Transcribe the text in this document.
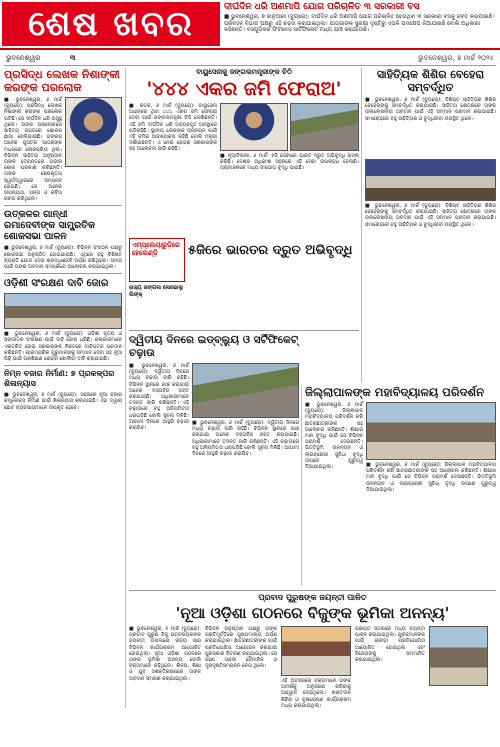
ଶେଷ ଖବର	ଦୀର୍ଘଦିନ ଧରି ଅଣମାପି ଯୋଗ ପରିଚାଳିତ ୩ ସରକାରୀ ବସ
■ ଭୁବନେଶ୍ୱର, ୭ ଜାନୁଆରୀ (ବ୍ୟୁରୋ): ଦୀର୍ଘଦିନ ଧରି ଅଣମାପି ଯୋଗ ପରିଚାଳିତ ହେଉଥିବା ୩ ସରକାରୀ ବସକୁ ଜବତ କରାଯାଇଛି। ପରିବହନ ବିଭାଗ ପକ୍ଷରୁ ଏହି ଚଢ଼ଉ କରାଯାଇଥିଲା। ଯାତ୍ରୀଙ୍କ ସୁରକ୍ଷା ଦୃଷ୍ଟିରୁ ଏଭଳି ପଦକ୍ଷେପ ନିଆଯାଇଛି ବୋଲି ଅଧିକାରୀ କହିଛନ୍ତି। ବସଗୁଡ଼ିକର ଫିଟନେସ ସାର୍ଟିଫିକେଟ ମଧ୍ୟ ଯାଞ୍ଚ କରାଯାଉଛି।
ଭୁବନେଶ୍ୱର	୩	ଭୁବନେଶ୍ୱର, ୭ ମାର୍ଚ୍ଚ ୨୦୨୪
ପ୍ରସିଦ୍ଧ ଲେଖକ ନିଶାଙ୍କୀ କରଙ୍କ ପରଲୋକ
■ ଭୁବନେଶ୍ୱର, ୬ ମାର୍ଚ୍ଚ (ବ୍ୟୁରୋ): ପ୍ରସିଦ୍ଧ ଲେଖକ ନିଶାଙ୍କୀ କରଙ୍କ ପରଲୋକ ଘଟିଛି। ସେ ଦୀର୍ଘଦିନ ଧରି ଅସୁସ୍ଥ ଥିଲେ। ତାଙ୍କ ପରଲୋକରେ ସାହିତ୍ୟ ଜଗତରେ ଶୋକର ଛାୟା ଖେଳିଯାଇଛି। ତାଙ୍କର ଅନେକ ପୁସ୍ତକ ପାଠକଙ୍କ ମଧ୍ୟରେ ଲୋକପ୍ରିୟ ଥିଲା। ବିଭିନ୍ନ ସାହିତ୍ୟ ଅନୁଷ୍ଠାନ ତାଙ୍କ ଦେହାନ୍ତରେ ଗଭୀର ଶୋକ ପ୍ରକାଶ କରିଛନ୍ତି। ତାଙ୍କ ଶେଷକୃତ୍ୟ ସ୍ୱର୍ଗଦ୍ୱାରରେ ସମ୍ପନ୍ନ ହୋଇଛି। ସେ ଅନେକ ଉପନ୍ୟାସ, ଗଳ୍ପ ଓ କବିତା ରଚନା କରିଥିଲେ।
ଉତ୍କଳର ଗାନ୍ଧୀ ରମାଦେବୀଙ୍କ ସାମ୍ପ୍ରତିକ ଶୋକସଭା ପାଳନ
■ ଭୁବନେଶ୍ୱର, ୬ ମାର୍ଚ୍ଚ (ବ୍ୟୁରୋ): ବିଭିନ୍ନ ସଂଗଠନ ପକ୍ଷରୁ ଶୋକସଭା ଅନୁଷ୍ଠିତ ହୋଇଯାଇଛି। ଏଥିରେ ବହୁ ବିଶିଷ୍ଟ ବ୍ୟକ୍ତି ଯୋଗ ଦେଇ ଶ୍ରଦ୍ଧାଞ୍ଜଳି ଅର୍ପଣ କରିଥିଲେ। ସମାଜ ପାଇଁ ତାଙ୍କ ଅବଦାନ ସମ୍ପର୍କରେ ଆଲୋଚନା କରାଯାଇଥିଲା।
ଓଡ଼ିଶୀ ସଂରକ୍ଷଣ ଦାବି ଜୋର
■ ଭୁବନେଶ୍ୱର, ୬ ମାର୍ଚ୍ଚ (ବ୍ୟୁରୋ): ଓଡ଼ିଶୀ ନୃତ୍ୟ ଓ ସଙ୍ଗୀତର ସଂରକ୍ଷଣ ପାଇଁ ଦାବି ଜୋର ଧରିଛି। କଳାକାରମାନେ ଏକତ୍ରିତ ହୋଇ ସରକାରଙ୍କ ନିକଟରେ ଦାବିପତ୍ର ପ୍ରଦାନ କରିଛନ୍ତି। ପାରମ୍ପରିକ ଗୁରୁମାନଙ୍କୁ ସମ୍ମାନ ଦେବା ସହ ନୂଆ ପିଢ଼ି ପାଇଁ ପ୍ରଶିକ୍ଷଣ କେନ୍ଦ୍ର ଖୋଲିବା ଦାବି କରାଯାଇଛି।
ନିମ୍ନ ବଜାର ନିର୍ମାଣ: ୭ ପ୍ରକଳ୍ପର ଶିଳାନ୍ୟାସ
■ ଭୁବନେଶ୍ୱର, ୬ ମାର୍ଚ୍ଚ (ବ୍ୟୁରୋ): ସହରରେ ନୂଆ ବଜାର କମ୍ପ୍ଲେକ୍ସ ନିର୍ମାଣ ପାଇଁ ଶିଳାନ୍ୟାସ କରାଯାଇଛି। ଏହା ଦ୍ୱାରା ଛୋଟ ବ୍ୟବସାୟୀମାନେ ଉପକୃତ ହେବେ।
ବାୟୁସେନାକୁ ଜଙ୍ଗଲମନ୍ତ୍ରୀଙ୍କ ଚିଠି
'୪୪୪ ଏକର ଜମି ଫେରାଅ'
■ କଟକ, ୬ ମାର୍ଚ୍ଚ (ବ୍ୟୁରୋ): ବାୟୁସେନା ଅଧୀନରେ ଥିବା ୪୪୪ ଏକର ଜମି ଫେରାଇ ଦେବା ପାଇଁ ଜଙ୍ଗଲମନ୍ତ୍ରୀ ଚିଠି ଲେଖିଛନ୍ତି। ଏହି ଜମି ଦୀର୍ଘଦିନ ଧରି ଅବ୍ୟବହୃତ ଅବସ୍ଥାରେ ପଡ଼ିରହିଛି। ସ୍ଥାନୀୟ ଲୋକଙ୍କ ଉନ୍ନୟନ ପାଇଁ ଏହି ଜମିର ଆବଶ୍ୟକତା ରହିଛି ବୋଲି ମନ୍ତ୍ରୀ ଦର୍ଶାଇଛନ୍ତି। ଏ ନେଇ କେନ୍ଦ୍ର ସରକାରଙ୍କ ସହ ଆଲୋଚନା ଜାରି ରହିଛି।
■ ନୂଆଦିଲ୍ଲୀ, ୬ ମାର୍ଚ୍ଚ: ୫ଜି ସେବାରେ ଭାରତ ଦ୍ରୁତ ଅଭିବୃଦ୍ଧି ହାସଲ କରିଛି। ଦେଶର ଅଧିକାଂଶ ସହରରେ ଏହି ସେବା ଉପଲବ୍ଧ ହେଲାଣି। ଗ୍ରାମାଞ୍ଚଳରେ ମଧ୍ୟ ସଂଯୋଗ ବୃଦ୍ଧି ପାଇଛି।
ଏମ୍‌ପ୍ଲେୟାରୁଡ଼ିରେ ହେଲେଣ୍ଡ଼ି	୫ଜିରେ ଭାରତର ଦ୍ରୁତ ଅଭିବୃଦ୍ଧି
ରାଜ୍ୟ ଜଙ୍ଗଲ ନୋଭୋଲୁ ଲିଙ୍କ୍
ସାହିତ୍ୟିକ ଶିଶିର ବେହେରା ସମ୍ବର୍ଦ୍ଧିତ
■ ଭୁବନେଶ୍ୱର, ୬ ମାର୍ଚ୍ଚ (ବ୍ୟୁରୋ): ବିଶିଷ୍ଟ ସାହିତ୍ୟିକ ଶିଶିର ବେହେରାଙ୍କୁ ସମ୍ବର୍ଦ୍ଧିତ କରାଯାଇଛି। ସାହିତ୍ୟ କ୍ଷେତ୍ରରେ ତାଙ୍କ ଉଲ୍ଲେଖନୀୟ ଅବଦାନ ପାଇଁ ଏହି ସମ୍ମାନ ପ୍ରଦାନ କରାଯାଇଛି। ସମାରୋହରେ ବହୁ ସାହିତ୍ୟିକ ଓ ବୁଦ୍ଧିଜୀବୀ ଉପସ୍ଥିତ ଥିଲେ।
■ ଭୁବନେଶ୍ୱର, ୬ ମାର୍ଚ୍ଚ (ବ୍ୟୁରୋ): ବିଶିଷ୍ଟ ସାହିତ୍ୟିକ ଶିଶିର ବେହେରାଙ୍କୁ ସମ୍ବର୍ଦ୍ଧିତ କରାଯାଇଛି। ସାହିତ୍ୟ କ୍ଷେତ୍ରରେ ତାଙ୍କ ଉଲ୍ଲେଖନୀୟ ଅବଦାନ ପାଇଁ ଏହି ସମ୍ମାନ ପ୍ରଦାନ କରାଯାଇଛି। ସମାରୋହରେ ବହୁ ସାହିତ୍ୟିକ ଓ ବୁଦ୍ଧିଜୀବୀ ଉପସ୍ଥିତ ଥିଲେ।
ଦ୍ୱିତୀୟ ଦିନରେ ଇଡ୍‌ବ୍ଲ୍ୟୁ ଓ ସର୍ଟିଫିକେଟ୍ ଚଢ଼ାଉ
■ ଭୁବନେଶ୍ୱର, ୬ ମାର୍ଚ୍ଚ (ବ୍ୟୁରୋ): ଦ୍ୱିତୀୟ ଦିନରେ ମଧ୍ୟ ଚଢ଼ାଉ ଜାରି ରହିଛି। ବିଭିନ୍ନ ସ୍ଥାନରେ ଯାଞ୍ଚ କରାଯାଇ ଅନେକ ଦସ୍ତାବିଜ ଜବତ କରାଯାଇଛି। ଅଧିକାରୀମାନେ ତଦନ୍ତ ଜାରି ରଖିଛନ୍ତି। ଏହି ଚଢ଼ାଉରେ ବହୁ ଅନିୟମିତତା ଧରାପଡ଼ିଛି ବୋଲି ସୂଚନା ମିଳିଛି। ଆଗାମୀ ଦିନରେ ଆହୁରି ଚଢ଼ାଉ କରାଯିବ।
■ ଭୁବନେଶ୍ୱର, ୬ ମାର୍ଚ୍ଚ (ବ୍ୟୁରୋ): ଦ୍ୱିତୀୟ ଦିନରେ ମଧ୍ୟ ଚଢ଼ାଉ ଜାରି ରହିଛି। ବିଭିନ୍ନ ସ୍ଥାନରେ ଯାଞ୍ଚ କରାଯାଇ ଅନେକ ଦସ୍ତାବିଜ ଜବତ କରାଯାଇଛି। ଅଧିକାରୀମାନେ ତଦନ୍ତ ଜାରି ରଖିଛନ୍ତି। ଏହି ଚଢ଼ାଉରେ ବହୁ ଅନିୟମିତତା ଧରାପଡ଼ିଛି ବୋଲି ସୂଚନା ମିଳିଛି। ଆଗାମୀ ଦିନରେ ଆହୁରି ଚଢ଼ାଉ କରାଯିବ।
ଜିଲ୍ଲାପାଳଙ୍କ ମହାବିଦ୍ୟାଳୟ ପରିଦର୍ଶନ
■ ଭୁବନେଶ୍ୱର, ୬ ମାର୍ଚ୍ଚ (ବ୍ୟୁରୋ): ଜିଲ୍ଲାପାଳ ମହାବିଦ୍ୟାଳୟ ପରିଦର୍ଶନ କରି ଛାତ୍ରଛାତ୍ରୀଙ୍କ ସହ ଆଲୋଚନା କରିଛନ୍ତି। ଶିକ୍ଷାର ମାନ ବୃଦ୍ଧି ପାଇଁ ସେ ବିଭିନ୍ନ ପରାମର୍ଶ ଦେଇଛନ୍ତି। ଭିତ୍ତିଭୂମି ଉନ୍ନୟନ ଓ ଲାଇବ୍ରେରୀ ସୁବିଧା ବୃଦ୍ଧି ଉପରେ ଗୁରୁତ୍ୱ ଦିଆଯାଇଥିଲା।	■ ଭୁବନେଶ୍ୱର, ୬ ମାର୍ଚ୍ଚ (ବ୍ୟୁରୋ): ଜିଲ୍ଲାପାଳ ମହାବିଦ୍ୟାଳୟ ପରିଦର୍ଶନ କରି ଛାତ୍ରଛାତ୍ରୀଙ୍କ ସହ ଆଲୋଚନା କରିଛନ୍ତି। ଶିକ୍ଷାର ମାନ ବୃଦ୍ଧି ପାଇଁ ସେ ବିଭିନ୍ନ ପରାମର୍ଶ ଦେଇଛନ୍ତି। ଭିତ୍ତିଭୂମି ଉନ୍ନୟନ ଓ ଲାଇବ୍ରେରୀ ସୁବିଧା ବୃଦ୍ଧି ଉପରେ ଗୁରୁତ୍ୱ ଦିଆଯାଇଥିଲା।
ପ୍ରବାଦ ପୁରୁଷଙ୍କ ଜୟନ୍ତୀ ପାଳିତ
'ନୂଆ ଓଡ଼ିଶା ଗଠନରେ ବିଜୁଙ୍କ ଭୂମିକା ଅନନ୍ୟ'
■ ଭୁବନେଶ୍ୱର, ୫ ମାର୍ଚ୍ଚ (ବ୍ୟୁରୋ): ପ୍ରବାଦ ପୁରୁଷ ବିଜୁ ପଟ୍ଟନାୟକଙ୍କ ଜୟନ୍ତୀ ଉପଲକ୍ଷେ ରାଜ୍ୟ ସାରା ବିଭିନ୍ନ କାର୍ଯ୍ୟକ୍ରମ ଆୟୋଜିତ ହୋଇଥିଲା। ନୂଆ ଓଡ଼ିଶା ଗଠନରେ ତାଙ୍କ ଭୂମିକା ଅନନ୍ୟ ବୋଲି ବକ୍ତାମାନେ କହିଥିଲେ। ଶିଳ୍ପ, ଶିକ୍ଷା ଓ ଯୁବ ସଶକ୍ତିକରଣରେ ତାଙ୍କ ଅବଦାନ ସ୍ମରଣ କରାଯାଇଥିଲା।
ବିଭିନ୍ନ ଅନୁଷ୍ଠାନ ପକ୍ଷରୁ ତାଙ୍କ ପ୍ରତିମୂର୍ତ୍ତିରେ ପୁଷ୍ପମାଲ୍ୟ ଅର୍ପଣ କରାଯାଇଥିଲା। ଛାତ୍ରଛାତ୍ରୀଙ୍କ ପାଇଁ ପ୍ରତିଯୋଗିତା ଆୟୋଜନ କରାଯାଇ ପୁରସ୍କାର ବିତରଣ କରାଯାଇଥିଲା। ସେ ଜଣେ ସାହସୀ ବୈମାନିକ ଓ ଦୂରଦୃଷ୍ଟିସମ୍ପନ୍ନ ନେତା ଥିଲେ।
ଏହି ଅବସରରେ ବକ୍ତାମାନେ ତାଙ୍କ ଆଦର୍ଶକୁ ଅନୁସରଣ କରିବାକୁ ଆହ୍ୱାନ ଦେଇଥିଲେ। ରକ୍ତଦାନ ଶିବିର ଓ ବୃକ୍ଷରୋପଣ କାର୍ଯ୍ୟକ୍ରମ ମଧ୍ୟ କରାଯାଇଥିଲା।
ପଞ୍ଚାୟତ ସ୍ତରରେ ମଧ୍ୟ ଜୟନ୍ତୀ ପାଳନ କରାଯାଇଥିଲା। ଯୁବକମାନଙ୍କ ପାଇଁ କ୍ରୀଡ଼ା ପ୍ରତିଯୋଗିତା ଆୟୋଜିତ ହୋଇଥିଲା ଏବଂ ବିଜେତାଙ୍କୁ ସମ୍ମାନିତ କରାଯାଇଥିଲା।
